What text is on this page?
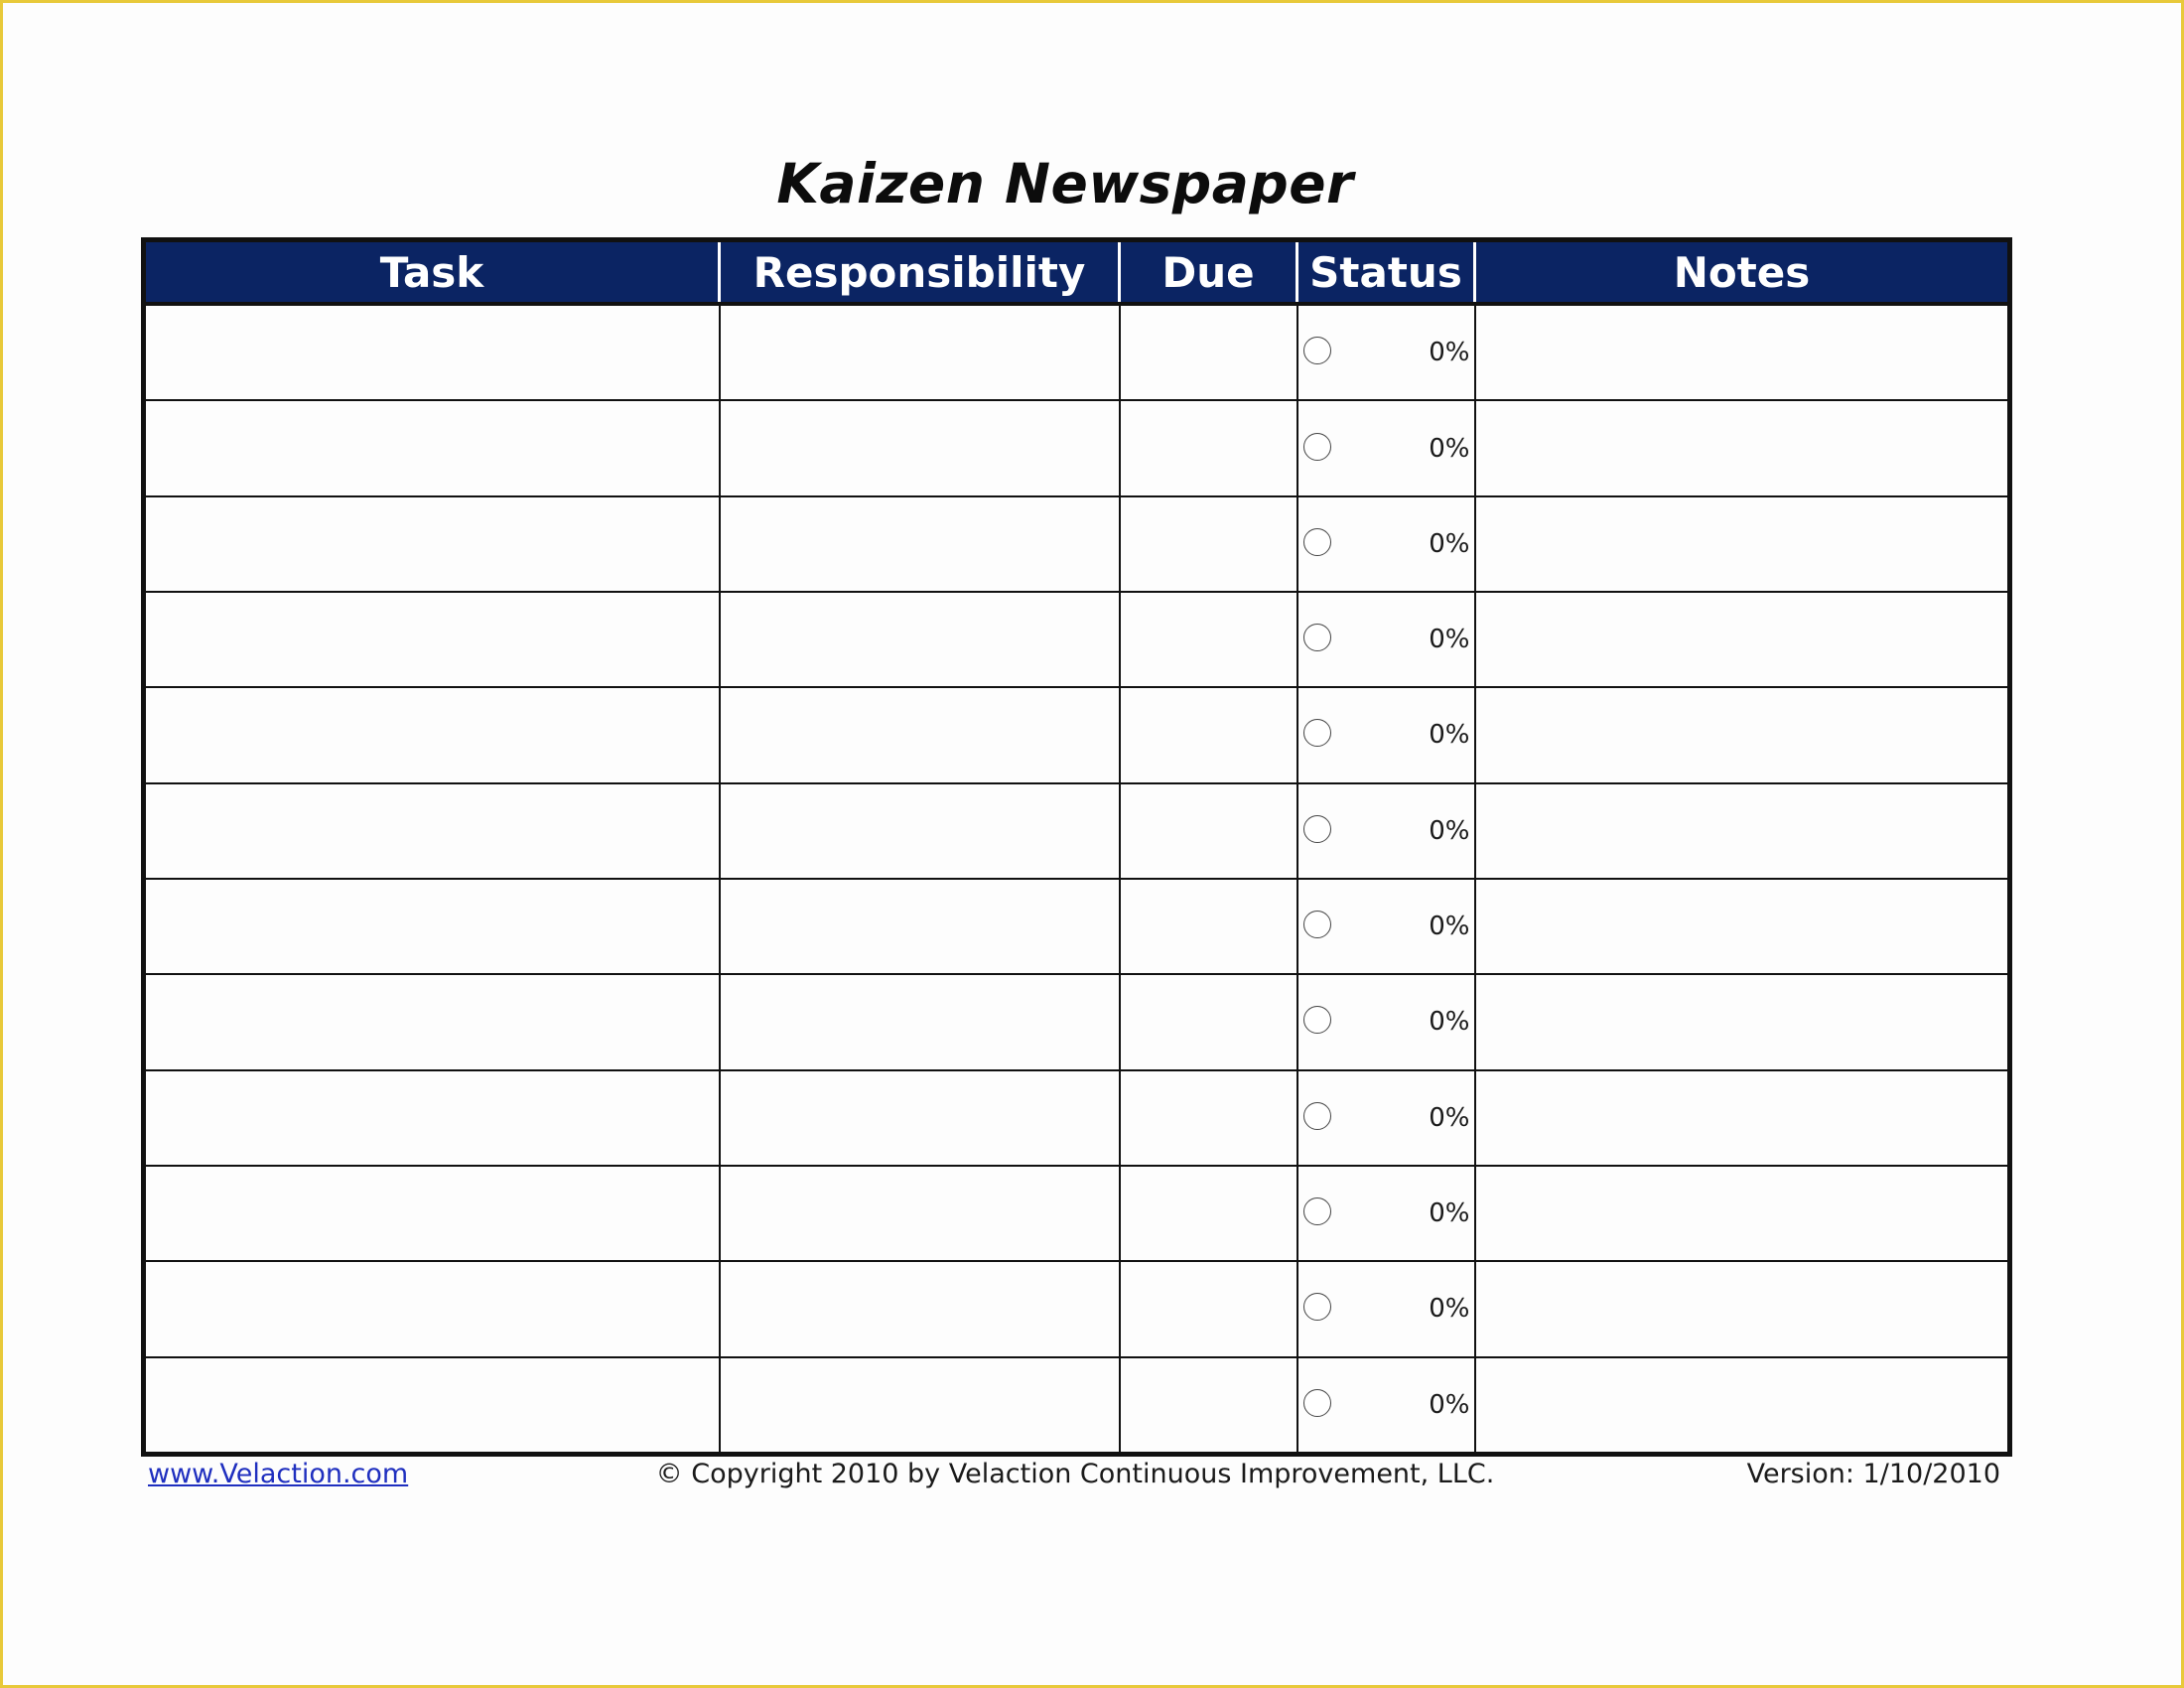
Kaizen Newspaper
Task	Responsibility	Due	Status	Notes

			0%	

			0%	

			0%	

			0%	

			0%	

			0%	

			0%	

			0%	

			0%	

			0%	

			0%	

			0%	

www.Velaction.com	© Copyright 2010 by Velaction Continuous Improvement, LLC.	Version: 1/10/2010
